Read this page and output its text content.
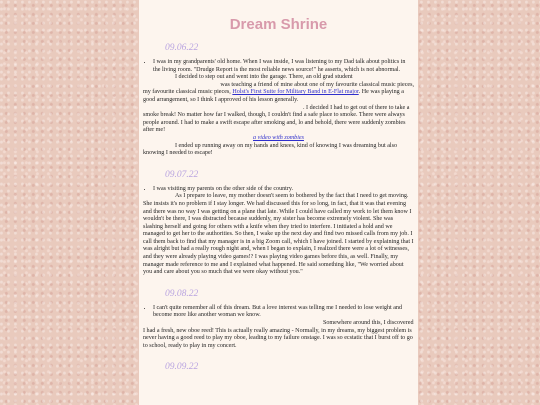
Dream Shrine
09.06.22
• I was in my grandparents' old home. When I was inside, I was listening to my Dad talk about politics in the living room. "Drudge Report is the most reliable news source!" he asserts, which is not abnormal.

I decided to step out and went into the garage. There, an old grad student

was teaching a friend of mine about one of my favourite classical music pieces,
my favourite classical music pieces, Holst's First Suite for Military Band in E-Flat major. He was playing a good arrangement, so I think I approved of his lesson generally.
. I decided I had to get out of there to take a smoke break! No matter how far I walked, though, I couldn't find a safe place to smoke. There were always people around. I had to make a swift escape after smoking and, lo and behold, there were suddenly zombies after me!
a video with zombies

I ended up running away on my hands and knees, kind of knowing I was dreaming but also knowing I needed to escape!

09.07.22
• I was visiting my parents on the other side of the country.

As I prepare to leave, my mother doesn't seem to bothered by the fact that I need to get moving. She insists it's no problem if I stay longer. We had discussed this for so long, in fact, that it was that evening and there was no way I was getting on a plane that late. While I could have called my work to let them know I wouldn't be there, I was distracted because suddenly, my sister has become extremely violent. She was slashing herself and going for others with a knife when they tried to interfere. I initiated a hold and we managed to get her to the authorities. So then, I wake up the next day and find two missed calls from my job. I call them back to find that my manager is in a big Zoom call, which I have joined. I started by explaining that I was alright but had a really rough night and, when I began to explain, I realized there were a lot of witnesses, and they were already playing video games!? I was playing video games before this, as well. Finally, my manager made reference to me and I explained what happened. He said something like, "We worried about you and care about you so much that we were okay without you."

09.08.22
• I can't quite remember all of this dream. But a love interest was telling me I needed to lose weight and become more like another woman we know.
Somewhere around this, I discovered I had a fresh, new oboe reed! This is actually really amazing - Normally, in my dreams, my biggest problem is never having a good reed to play my oboe, leading to my failure onstage. I was so ecstatic that I burst off to go to school, ready to play in my concert.
09.09.22
